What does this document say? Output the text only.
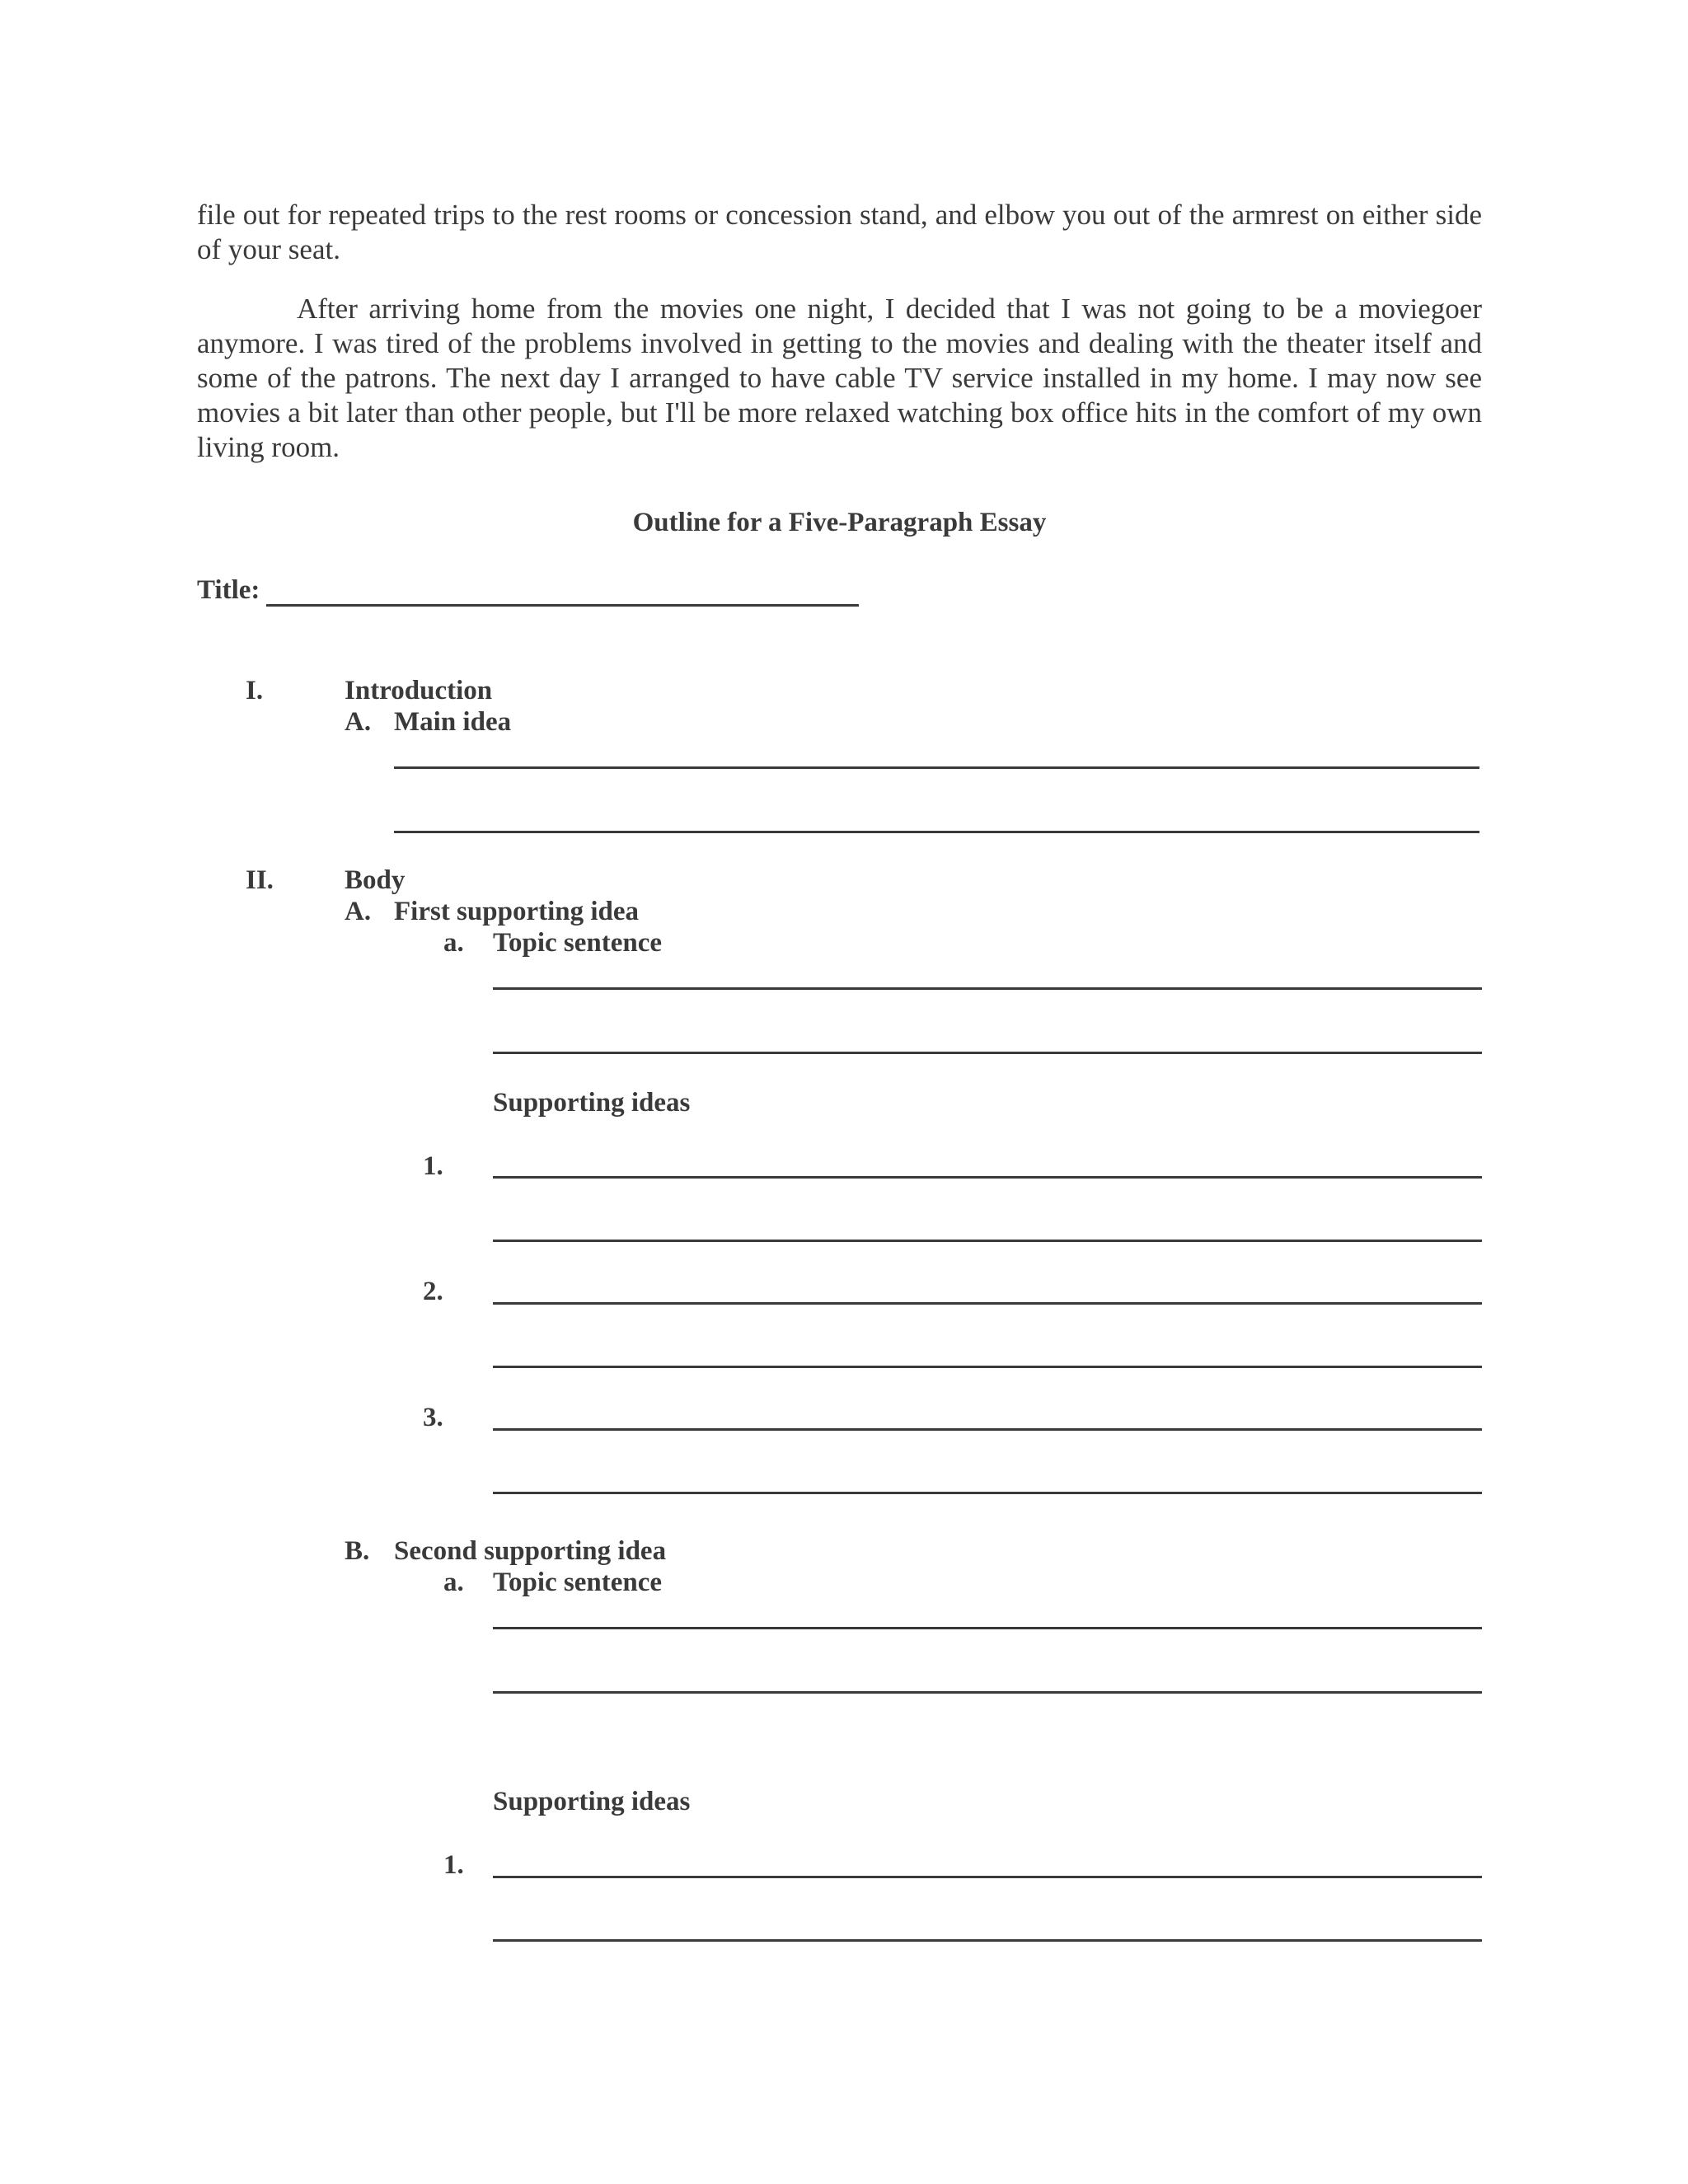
file out for repeated trips to the rest rooms or concession stand, and elbow you out of the armrest on either side of your seat.

After arriving home from the movies one night, I decided that I was not going to be a moviegoer anymore. I was tired of the problems involved in getting to the movies and dealing with the theater itself and some of the patrons. The next day I arranged to have cable TV service installed in my home. I may now see movies a bit later than other people, but I'll be more relaxed watching box office hits in the comfort of my own living room.

Outline for a Five-Paragraph Essay
Title:
I.	Introduction
A. Main idea
II.	Body
A. First supporting idea
a. Topic sentence
Supporting ideas
1.
2.
3.
B. Second supporting idea
a. Topic sentence
Supporting ideas
1.
